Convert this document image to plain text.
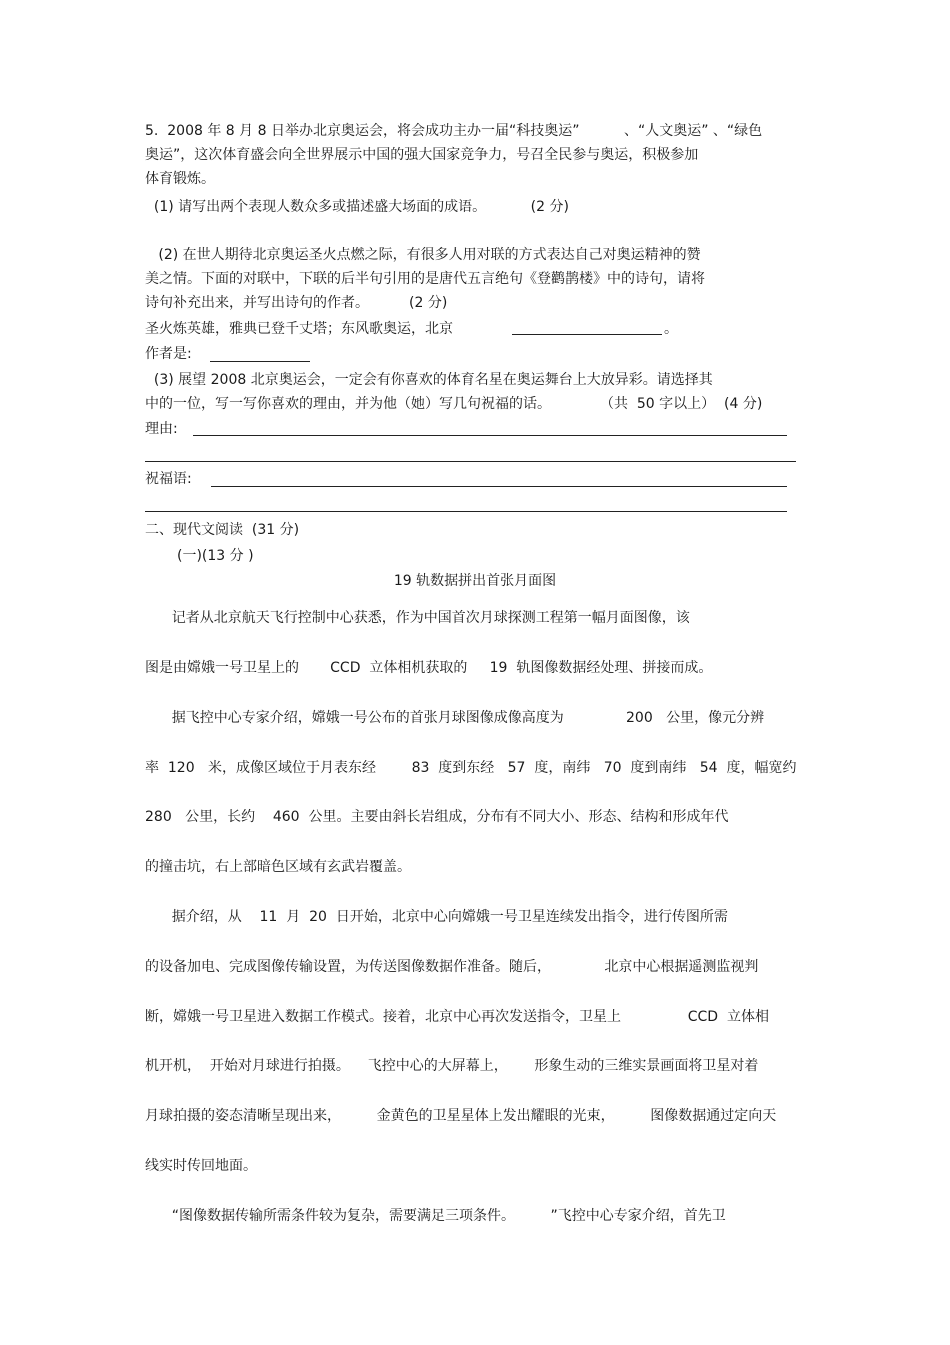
5.  2008 年 8 月 8 日举办北京奥运会，将会成功主办一届“科技奥运”          、“人文奥运” 、“绿色
奥运”，这次体育盛会向全世界展示中国的强大国家竞争力，号召全民参与奥运，积极参加
体育锻炼。
(1) 请写出两个表现人数众多或描述盛大场面的成语。          (2 分)
(2) 在世人期待北京奥运圣火点燃之际，有很多人用对联的方式表达自己对奥运精神的赞
美之情。下面的对联中，下联的后半句引用的是唐代五言绝句《登鹳鹊楼》中的诗句，请将
诗句补充出来，并写出诗句的作者。         (2 分)
圣火炼英雄，雅典已登千丈塔；东风歌奥运，北京	。
作者是:
(3) 展望 2008 北京奥运会，一定会有你喜欢的体育名星在奥运舞台上大放异彩。请选择其
中的一位，写一写你喜欢的理由，并为他（她）写几句祝福的话。           （共  50 字以上）  (4 分)
理由:
祝福语:
二、现代文阅读  (31 分)
(一)(13 分 )
19 轨数据拼出首张月面图
记者从北京航天飞行控制中心获悉，作为中国首次月球探测工程第一幅月面图像，该
图是由嫦娥一号卫星上的       CCD  立体相机获取的     19  轨图像数据经处理、拼接而成。
据飞控中心专家介绍，嫦娥一号公布的首张月球图像成像高度为              200   公里，像元分辨
率  120   米，成像区域位于月表东经        83  度到东经   57  度，南纬   70  度到南纬   54  度，幅宽约
280   公里，长约    460  公里。主要由斜长岩组成，分布有不同大小、形态、结构和形成年代
的撞击坑，右上部暗色区域有玄武岩覆盖。
据介绍，从    11  月  20  日开始，北京中心向嫦娥一号卫星连续发出指令，进行传图所需
的设备加电、完成图像传输设置，为传送图像数据作准备。随后，            北京中心根据遥测监视判
断，嫦娥一号卫星进入数据工作模式。接着，北京中心再次发送指令，卫星上               CCD  立体相
机开机，  开始对月球进行拍摄。    飞控中心的大屏幕上，      形象生动的三维实景画面将卫星对着
月球拍摄的姿态清晰呈现出来，        金黄色的卫星星体上发出耀眼的光束，        图像数据通过定向天
线实时传回地面。
“图像数据传输所需条件较为复杂，需要满足三项条件。        ”飞控中心专家介绍，首先卫
